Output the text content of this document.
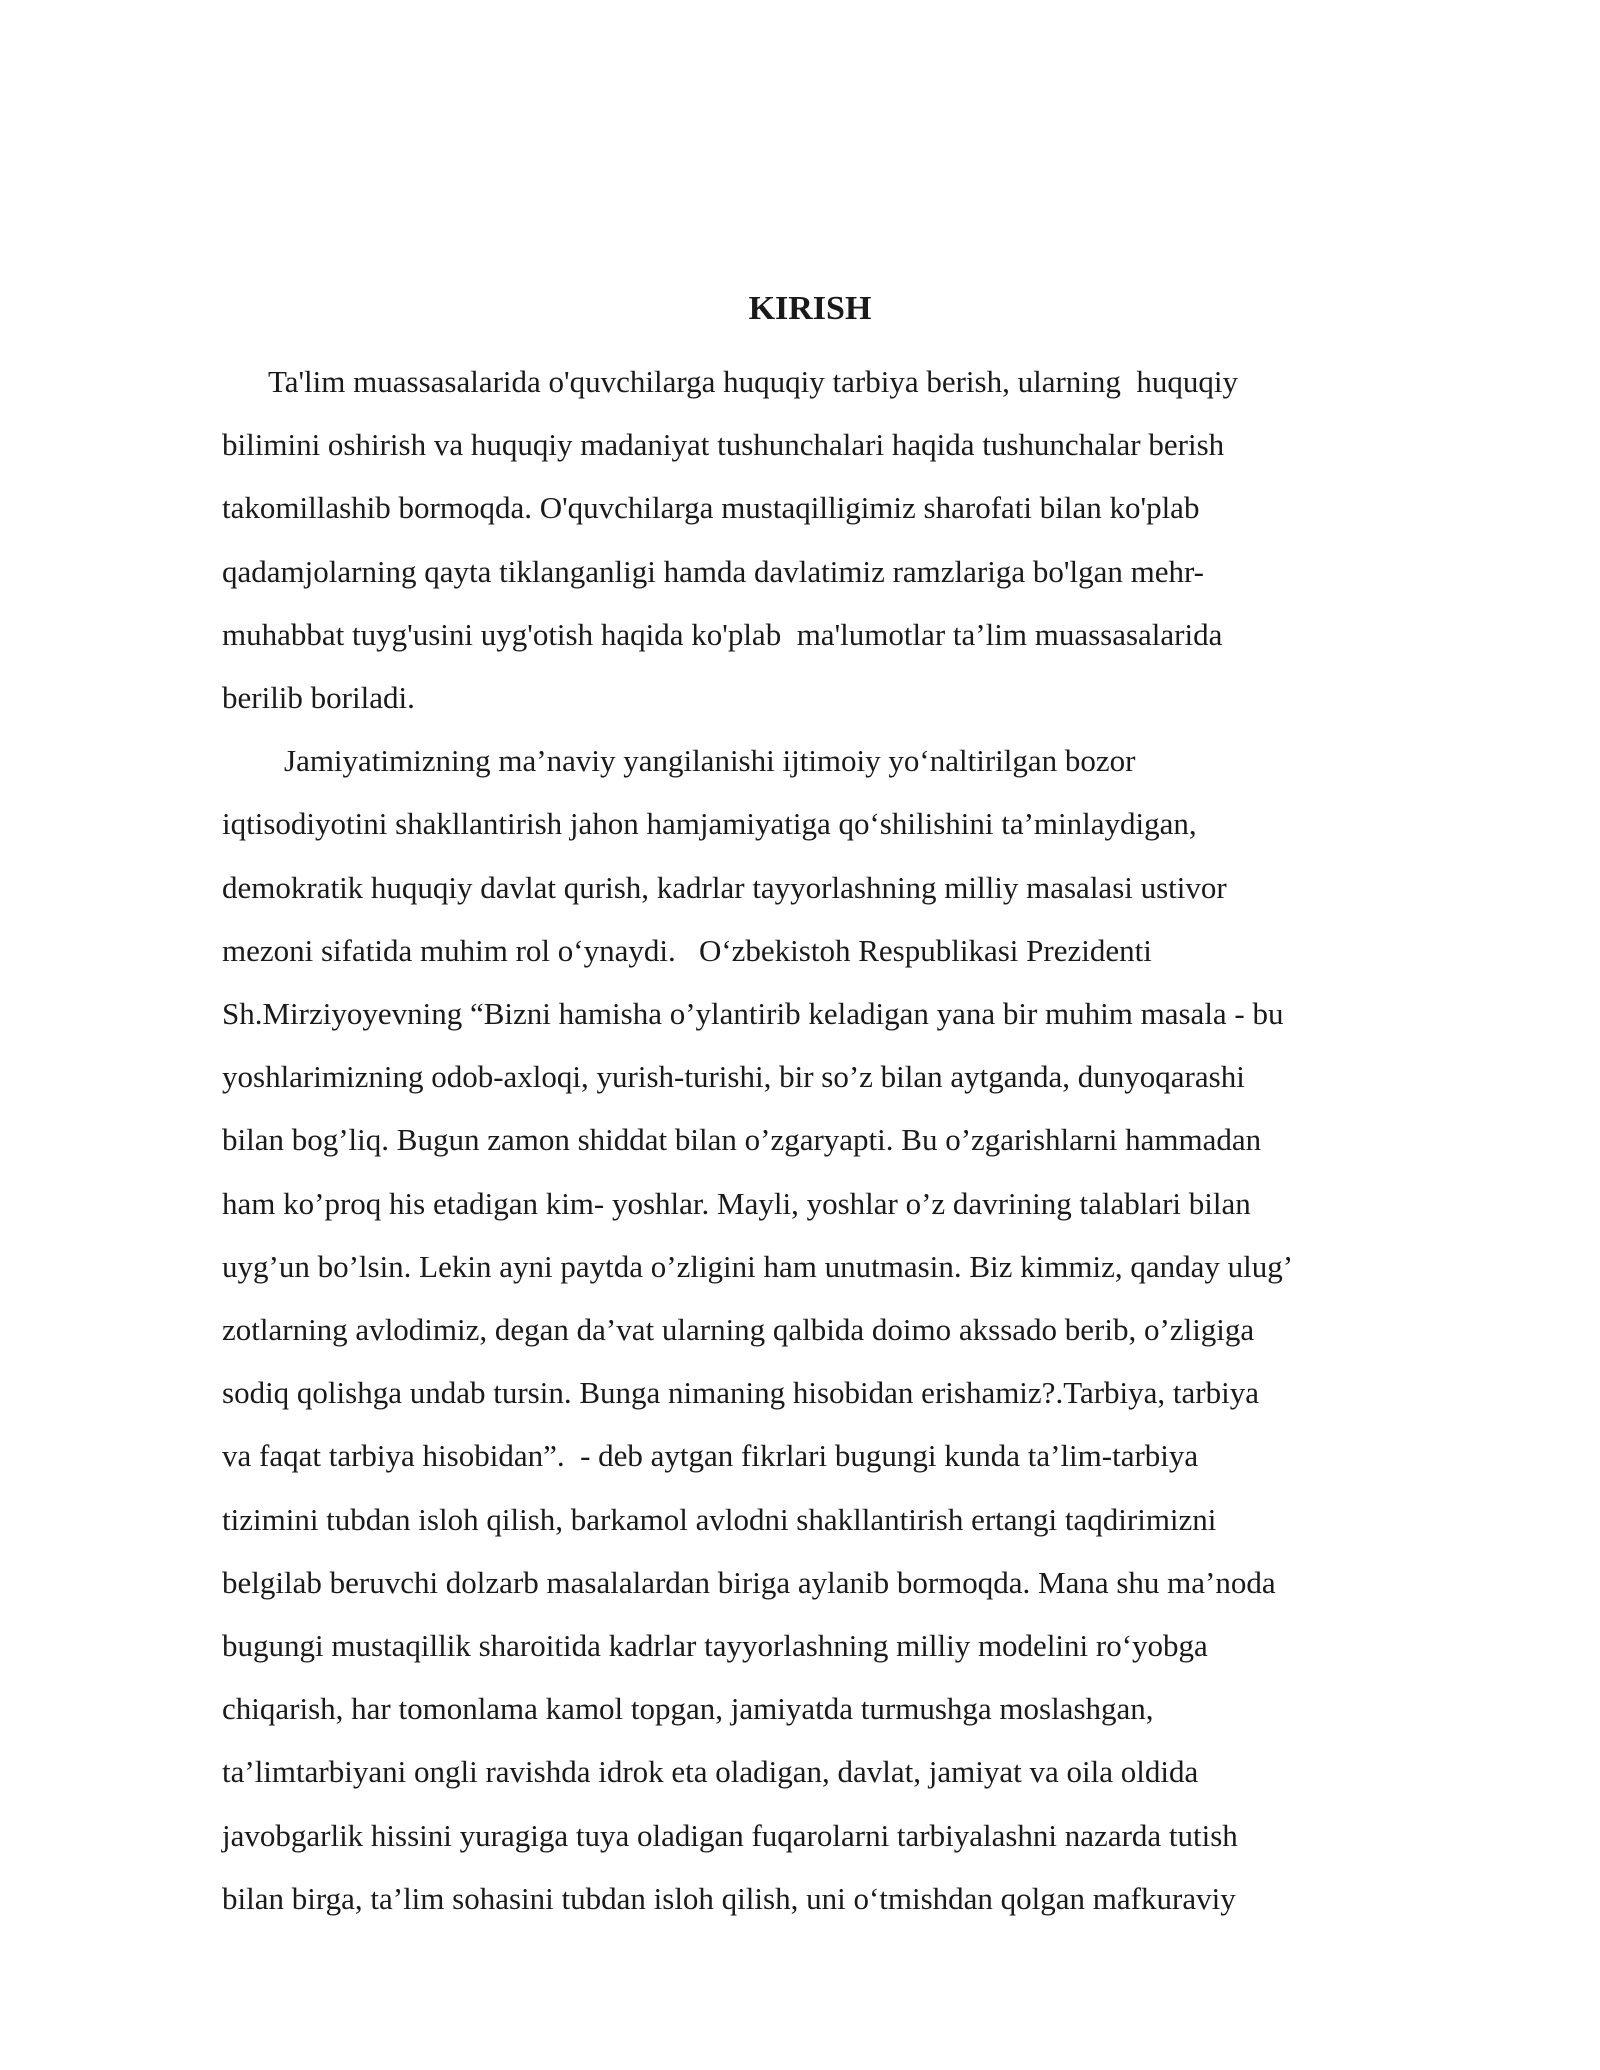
KIRISH

Ta'lim muassasalarida o'quvchilarga huquqiy tarbiya berish, ularning  huquqiy
bilimini oshirish va huquqiy madaniyat tushunchalari haqida tushunchalar berish
takomillashib bormoqda. O'quvchilarga mustaqilligimiz sharofati bilan ko'plab
qadamjolarning qayta tiklanganligi hamda davlatimiz ramzlariga bo'lgan mehr-
muhabbat tuyg'usini uyg'otish haqida ko'plab  ma'lumotlar ta’lim muassasalarida
berilib boriladi.

Jamiyatimizning ma’naviy yangilanishi ijtimoiy yo‘naltirilgan bozor
iqtisodiyotini shakllantirish jahon hamjamiyatiga qo‘shilishini ta’minlaydigan,
demokratik huquqiy davlat qurish, kadrlar tayyorlashning milliy masalasi ustivor
mezoni sifatida muhim rol o‘ynaydi.   O‘zbekistoh Respublikasi Prezidenti
Sh.Mirziyoyevning “Bizni hamisha o’ylantirib keladigan yana bir muhim masala - bu
yoshlarimizning odob-axloqi, yurish-turishi, bir so’z bilan aytganda, dunyoqarashi
bilan bog’liq. Bugun zamon shiddat bilan o’zgaryapti. Bu o’zgarishlarni hammadan
ham ko’proq his etadigan kim- yoshlar. Mayli, yoshlar o’z davrining talablari bilan
uyg’un bo’lsin. Lekin ayni paytda o’zligini ham unutmasin. Biz kimmiz, qanday ulug’
zotlarning avlodimiz, degan da’vat ularning qalbida doimo akssado berib, o’zligiga
sodiq qolishga undab tursin. Bunga nimaning hisobidan erishamiz?.Tarbiya, tarbiya
va faqat tarbiya hisobidan”.  - deb aytgan fikrlari bugungi kunda ta’lim-tarbiya
tizimini tubdan isloh qilish, barkamol avlodni shakllantirish ertangi taqdirimizni
belgilab beruvchi dolzarb masalalardan biriga aylanib bormoqda. Mana shu ma’noda
bugungi mustaqillik sharoitida kadrlar tayyorlashning milliy modelini ro‘yobga
chiqarish, har tomonlama kamol topgan, jamiyatda turmushga moslashgan,
ta’limtarbiyani ongli ravishda idrok eta oladigan, davlat, jamiyat va oila oldida
javobgarlik hissini yuragiga tuya oladigan fuqarolarni tarbiyalashni nazarda tutish
bilan birga, ta’lim sohasini tubdan isloh qilish, uni o‘tmishdan qolgan mafkuraviy
